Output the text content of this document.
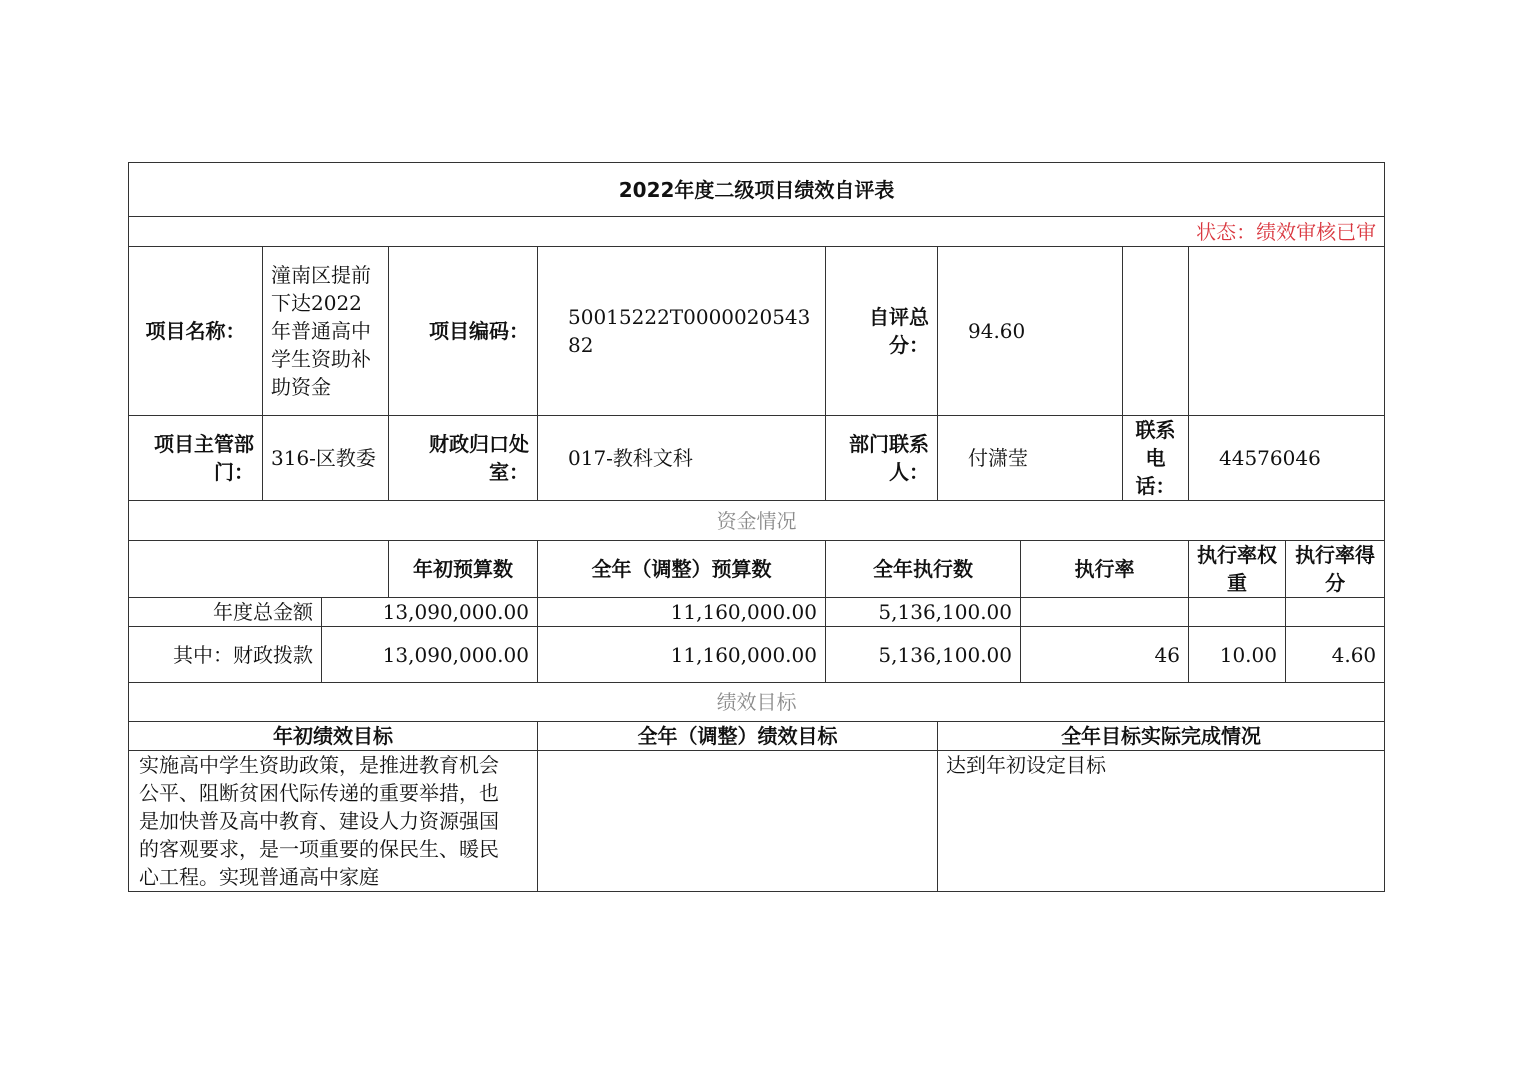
2022年度二级项目绩效自评表										
状态：绩效审核已审										
项目名称：	潼南区提前下达2022年普通高中学生资助补助资金		项目编码：	50015222T000002054382	自评总分：	94.60				
项目主管部门：	316-区教委		财政归口处室：	017-教科文科	部门联系人：	付潇莹		联系电话：	44576046	
资金情况										
			年初预算数	全年（调整）预算数	全年执行数		执行率		执行率权重	执行率得分
年度总金额		13,090,000.00		11,160,000.00	5,136,100.00					
其中：财政拨款		13,090,000.00		11,160,000.00	5,136,100.00		46		10.00	4.60
绩效目标										
年初绩效目标				全年（调整）绩效目标		全年目标实际完成情况				
实施高中学生资助政策，是推进教育机会公平、阻断贫困代际传递的重要举措，也是加快普及高中教育、建设人力资源强国的客观要求，是一项重要的保民生、暖民心工程。实现普通高中家庭						达到年初设定目标				
